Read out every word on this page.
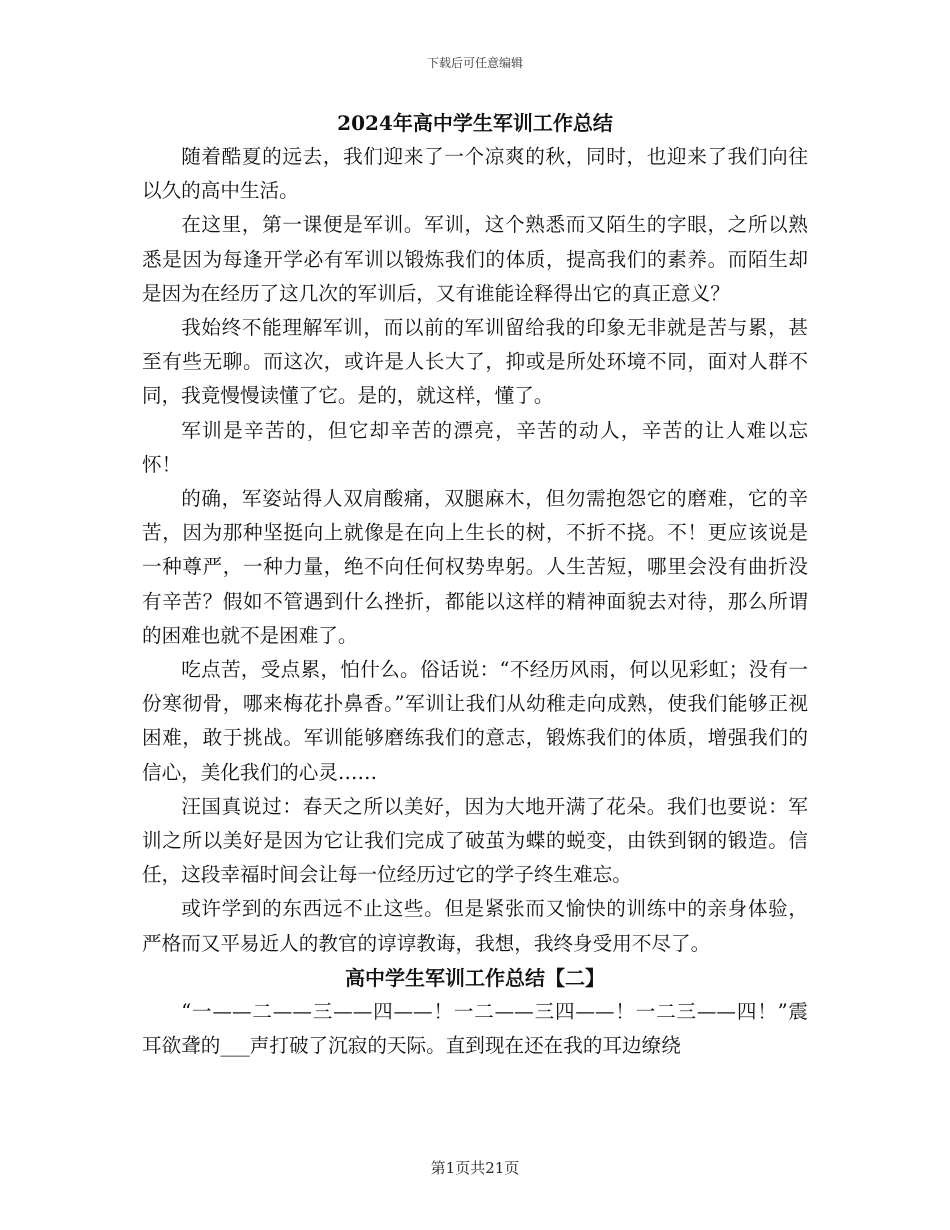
下载后可任意编辑
2024年高中学生军训工作总结

随着酷夏的远去，我们迎来了一个凉爽的秋，同时，也迎来了我们向往以久的高中生活。

在这里，第一课便是军训。军训，这个熟悉而又陌生的字眼，之所以熟悉是因为每逢开学必有军训以锻炼我们的体质，提高我们的素养。而陌生却是因为在经历了这几次的军训后，又有谁能诠释得出它的真正意义？

我始终不能理解军训，而以前的军训留给我的印象无非就是苦与累，甚至有些无聊。而这次，或许是人长大了，抑或是所处环境不同，面对人群不同，我竟慢慢读懂了它。是的，就这样，懂了。

军训是辛苦的，但它却辛苦的漂亮，辛苦的动人，辛苦的让人难以忘怀！

的确，军姿站得人双肩酸痛，双腿麻木，但勿需抱怨它的磨难，它的辛苦，因为那种坚挺向上就像是在向上生长的树，不折不挠。不！更应该说是一种尊严，一种力量，绝不向任何权势卑躬。人生苦短，哪里会没有曲折没有辛苦？假如不管遇到什么挫折，都能以这样的精神面貌去对待，那么所谓的困难也就不是困难了。

吃点苦，受点累，怕什么。俗话说：“不经历风雨，何以见彩虹；没有一份寒彻骨，哪来梅花扑鼻香。”军训让我们从幼稚走向成熟，使我们能够正视困难，敢于挑战。军训能够磨练我们的意志，锻炼我们的体质，增强我们的信心，美化我们的心灵……

汪国真说过：春天之所以美好，因为大地开满了花朵。我们也要说：军训之所以美好是因为它让我们完成了破茧为蝶的蜕变，由铁到钢的锻造。信任，这段幸福时间会让每一位经历过它的学子终生难忘。

或许学到的东西远不止这些。但是紧张而又愉快的训练中的亲身体验，严格而又平易近人的教官的谆谆教诲，我想，我终身受用不尽了。

高中学生军训工作总结【二】

“一——二——三——四——！一二——三四——！一二三——四！”震耳欲聋的___声打破了沉寂的天际。直到现在还在我的耳边缭绕

第1页共21页
